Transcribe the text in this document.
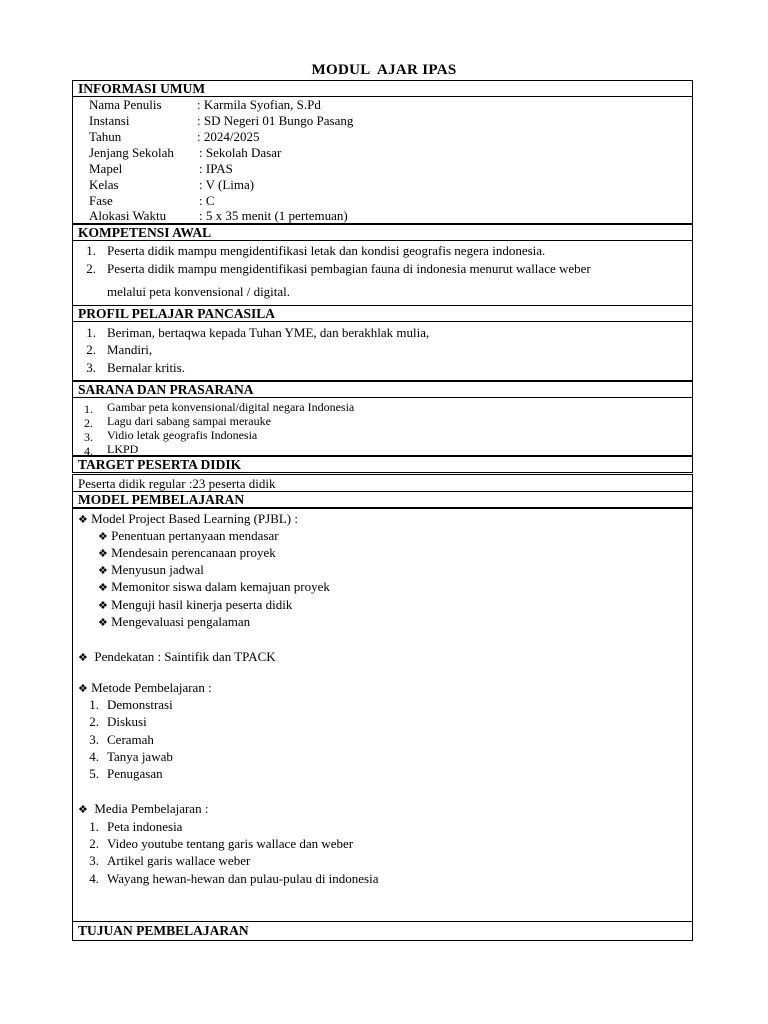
MODUL  AJAR IPAS
INFORMASI UMUM
Nama Penulis	: Karmila Syofian, S.Pd
Instansi	: SD Negeri 01 Bungo Pasang
Tahun	: 2024/2025
Jenjang Sekolah : Sekolah Dasar
Mapel	: IPAS
Kelas	: V (Lima)
Fase	: C
Alokasi Waktu	: 5 x 35 menit (1 pertemuan)
KOMPETENSI AWAL
1. Peserta didik mampu mengidentifikasi letak dan kondisi geografis negera indonesia.
2. Peserta didik mampu mengidentifikasi pembagian fauna di indonesia menurut wallace weber
melalui peta konvensional / digital.
PROFIL PELAJAR PANCASILA
1. Beriman, bertaqwa kepada Tuhan YME, dan berakhlak mulia,
2. Mandiri,
3. Bernalar kritis.
SARANA DAN PRASARANA
1. Gambar peta konvensional/digital negara Indonesia
2. Lagu dari sabang sampai merauke
3. Vidio letak geografis Indonesia
4. LKPD
TARGET PESERTA DIDIK
Peserta didik regular :23 peserta didik
MODEL PEMBELAJARAN
❖ Model Project Based Learning (PJBL) :
❖ Penentuan pertanyaan mendasar
❖ Mendesain perencanaan proyek
❖ Menyusun jadwal
❖ Memonitor siswa dalam kemajuan proyek
❖ Menguji hasil kinerja peserta didik
❖ Mengevaluasi pengalaman
❖ Pendekatan : Saintifik dan TPACK
❖ Metode Pembelajaran :
1. Demonstrasi
2. Diskusi
3. Ceramah
4. Tanya jawab
5. Penugasan
❖ Media Pembelajaran :
1. Peta indonesia
2. Video youtube tentang garis wallace dan weber
3. Artikel garis wallace weber
4. Wayang hewan-hewan dan pulau-pulau di indonesia
TUJUAN PEMBELAJARAN
